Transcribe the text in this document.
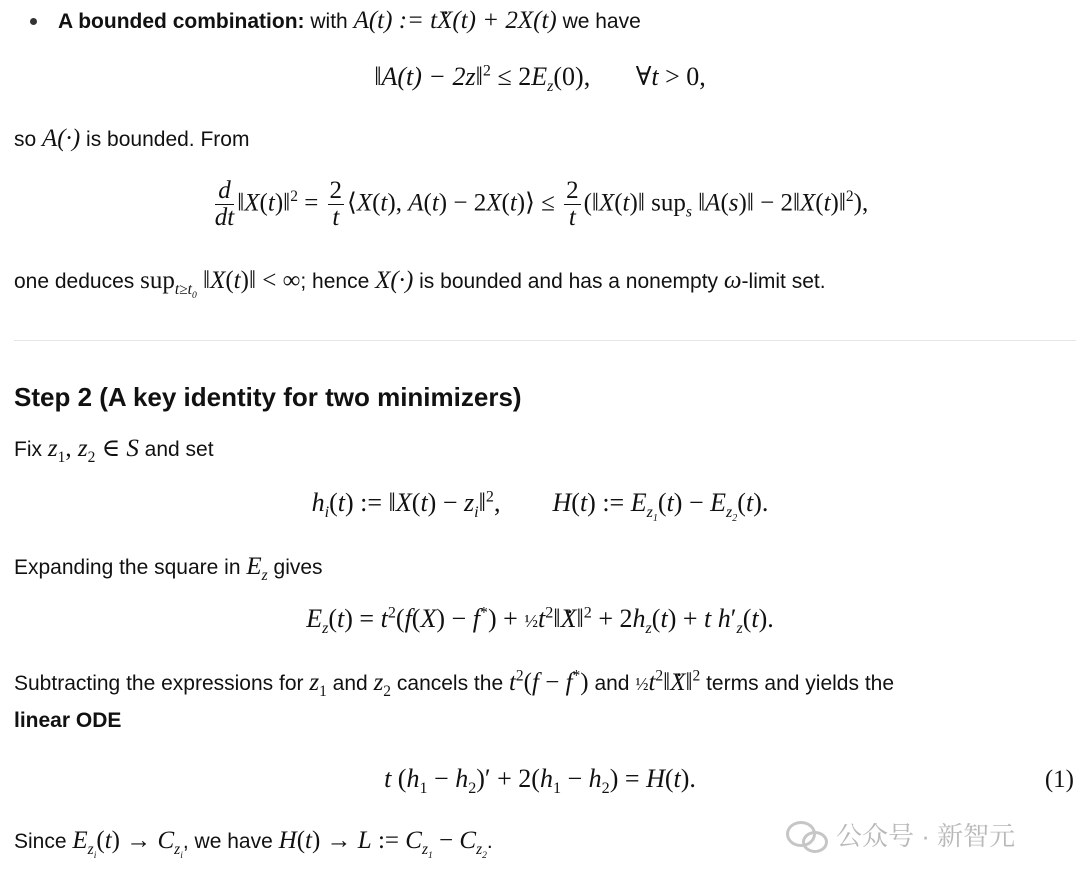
A bounded combination: with A(t) := t. X(t) + 2X(t) we have
‖A(t) − 2z‖$^2$ ≤ $2E_z(0)$,       ∀t > 0,
so A(·) is bounded. From
$\frac{d}{dt}$ ‖X(t)‖$^2$ = $\frac{2}{t}$ ⟨X(t), A(t) − 2X(t)⟩ ≤ $\frac{2}{t}$ (‖X(t)‖ sup$_s$ ‖A(s)‖ − 2‖X(t)‖$^2$),
one deduces sup$_{t\ge t_0}$ ‖X(t)‖ < ∞; hence X(·) is bounded and has a nonempty ω-limit set.
Step 2 (A key identity for two minimizers)
Fix $z_1$, $z_2$ ∈ S and set
$h_i(t)$ := ‖X(t) − $z_i‖^2$,        H(t) := $E_{z_1}(t) - E_{z_2}(t)$.
Expanding the square in $E_z$ gives
$E_z(t) = t^2(f(X) - f^*)$ + $\frac{1}{2}t^2‖$. X‖$^2$ + $2h_z(t) + t$ $h'_z(t)$.
Subtracting the expressions for $z_1$ and $z_2$ cancels the $t^2(f - f^*)$ and $\frac{1}{2}t^2‖$. X‖$^2$ terms and yields the
linear ODE
t $(h_1 - h_2)' + 2(h_1 - h_2) = H(t)$.	(1)
Since $E_{z_i}(t) \to C_{z_i}$, we have H(t) → L := $C_{z_1} - C_{z_2}$.	公众号 · 新智元
